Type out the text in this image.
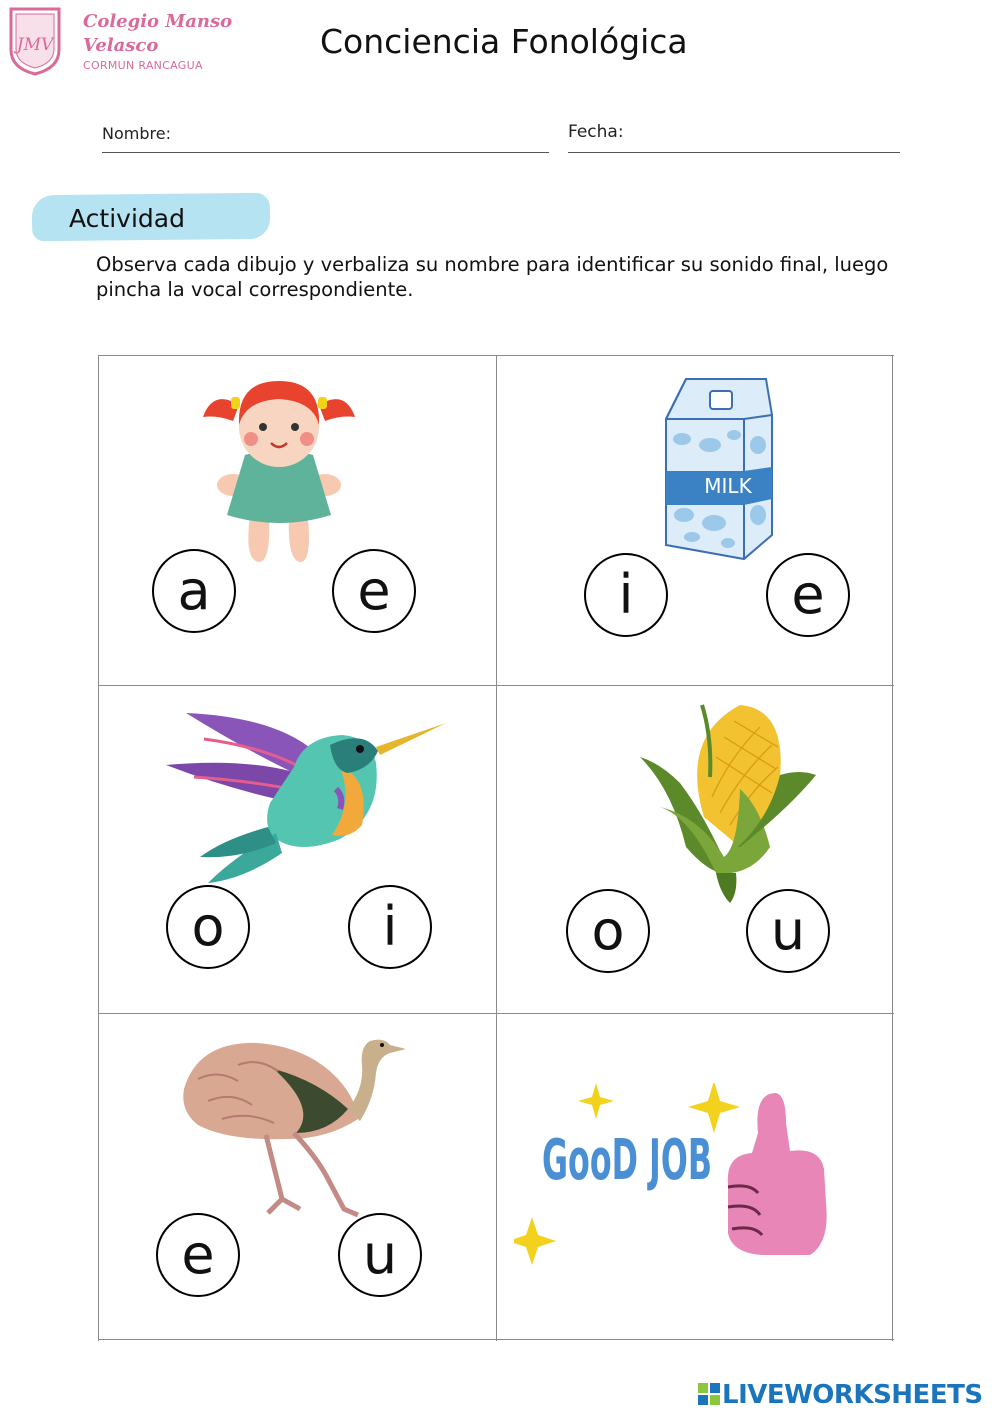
JMV
Colegio Manso Velasco
CORMUN RANCAGUA
Conciencia Fonológica
Nombre:	Fecha:
Actividad
Observa cada dibujo y verbaliza su nombre para identificar su sonido final, luego pincha la vocal correspondiente.
a	e
MILK
i	e
o	i	o	u
e	u
GooD JOB
LIVEWORKSHEETS
